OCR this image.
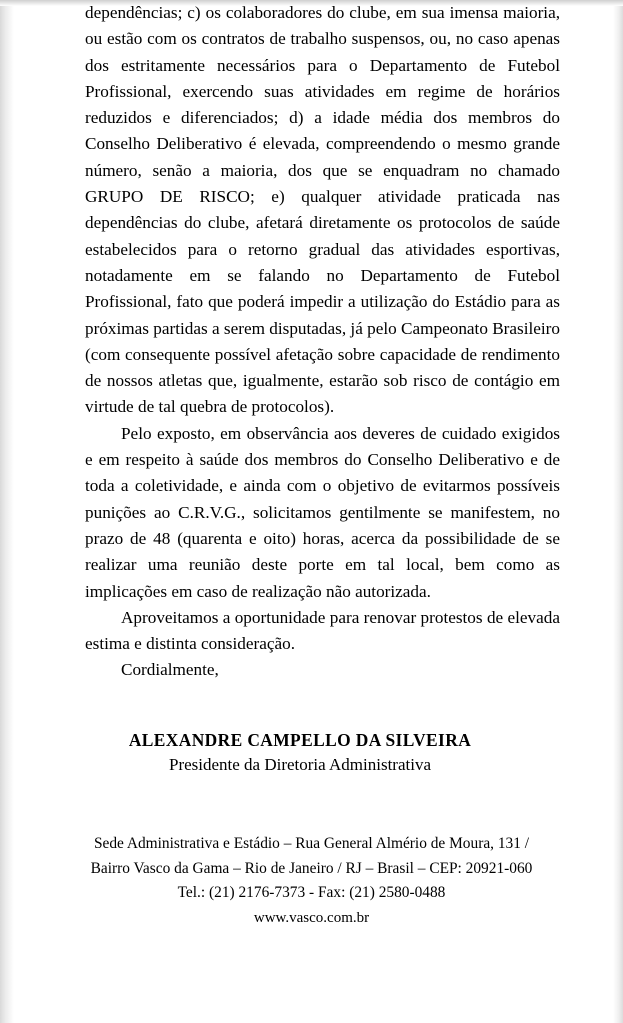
dependências; c) os colaboradores do clube, em sua imensa maioria, ou estão com os contratos de trabalho suspensos, ou, no caso apenas dos estritamente necessários para o Departamento de Futebol Profissional, exercendo suas atividades em regime de horários reduzidos e diferenciados; d) a idade média dos membros do Conselho Deliberativo é elevada, compreendendo o mesmo grande número, senão a maioria, dos que se enquadram no chamado GRUPO DE RISCO; e) qualquer atividade praticada nas dependências do clube, afetará diretamente os protocolos de saúde estabelecidos para o retorno gradual das atividades esportivas, notadamente em se falando no Departamento de Futebol Profissional, fato que poderá impedir a utilização do Estádio para as próximas partidas a serem disputadas, já pelo Campeonato Brasileiro (com consequente possível afetação sobre capacidade de rendimento de nossos atletas que, igualmente, estarão sob risco de contágio em virtude de tal quebra de protocolos).

Pelo exposto, em observância aos deveres de cuidado exigidos e em respeito à saúde dos membros do Conselho Deliberativo e de toda a coletividade, e ainda com o objetivo de evitarmos possíveis punições ao C.R.V.G., solicitamos gentilmente se manifestem, no prazo de 48 (quarenta e oito) horas, acerca da possibilidade de se realizar uma reunião deste porte em tal local, bem como as implicações em caso de realização não autorizada.

Aproveitamos a oportunidade para renovar protestos de elevada estima e distinta consideração.

Cordialmente,

ALEXANDRE CAMPELLO DA SILVEIRA
Presidente da Diretoria Administrativa
Sede Administrativa e Estádio – Rua General Almério de Moura, 131 /
Bairro Vasco da Gama – Rio de Janeiro / RJ – Brasil – CEP: 20921-060
Tel.: (21) 2176-7373 - Fax: (21) 2580-0488
www.vasco.com.br
